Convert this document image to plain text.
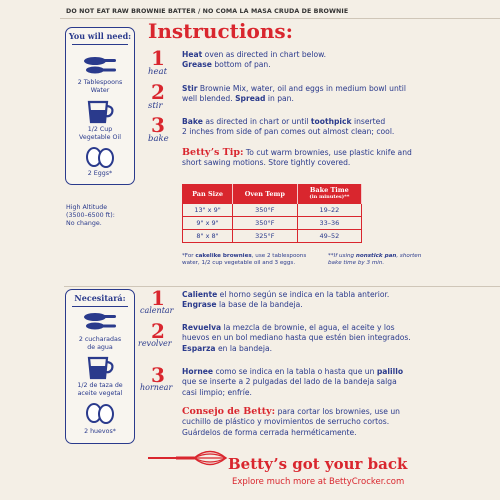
DO NOT EAT RAW BROWNIE BATTER / NO COMA LA MASA CRUDA DE BROWNIE
You will need:
2 Tablespoons
Water
1/2 Cup
Vegetable Oil
2 Eggs*
High Altitude
(3500–6500 ft):
No change.
Instructions:
1
heat
Heat oven as directed in chart below.
Grease bottom of pan.
2
stir
Stir Brownie Mix, water, oil and eggs in medium bowl until
well blended. Spread in pan.
3
bake
Bake as directed in chart or until toothpick inserted
2 inches from side of pan comes out almost clean; cool.
Betty’s Tip: To cut warm brownies, use plastic knife and
short sawing motions. Store tightly covered.
Pan Size	Oven Temp	Bake Time
(in minutes)**

13" x 9"	350°F	19–22
9" x 9"	350°F	33–36
8" x 8"	325°F	49–52
*For cakelike brownies, use 2 tablespoons
water, 1/2 cup vegetable oil and 3 eggs.
**If using nonstick pan, shorten
bake time by 3 min.
Necesitará:
2 cucharadas
de agua
1/2 de taza de
aceite vegetal
2 huevos*
1
calentar
Caliente el horno según se indica en la tabla anterior.
Engrase la base de la bandeja.
2
revolver
Revuelva la mezcla de brownie, el agua, el aceite y los
huevos en un bol mediano hasta que estén bien integrados.
Esparza en la bandeja.
3
hornear
Hornee como se indica en la tabla o hasta que un palillo
que se inserte a 2 pulgadas del lado de la bandeja salga
casi limpio; enfríe.
Consejo de Betty: para cortar los brownies, use un
cuchillo de plástico y movimientos de serrucho cortos.
Guárdelos de forma cerrada herméticamente.
Betty’s got your back
Explore much more at BettyCrocker.com
